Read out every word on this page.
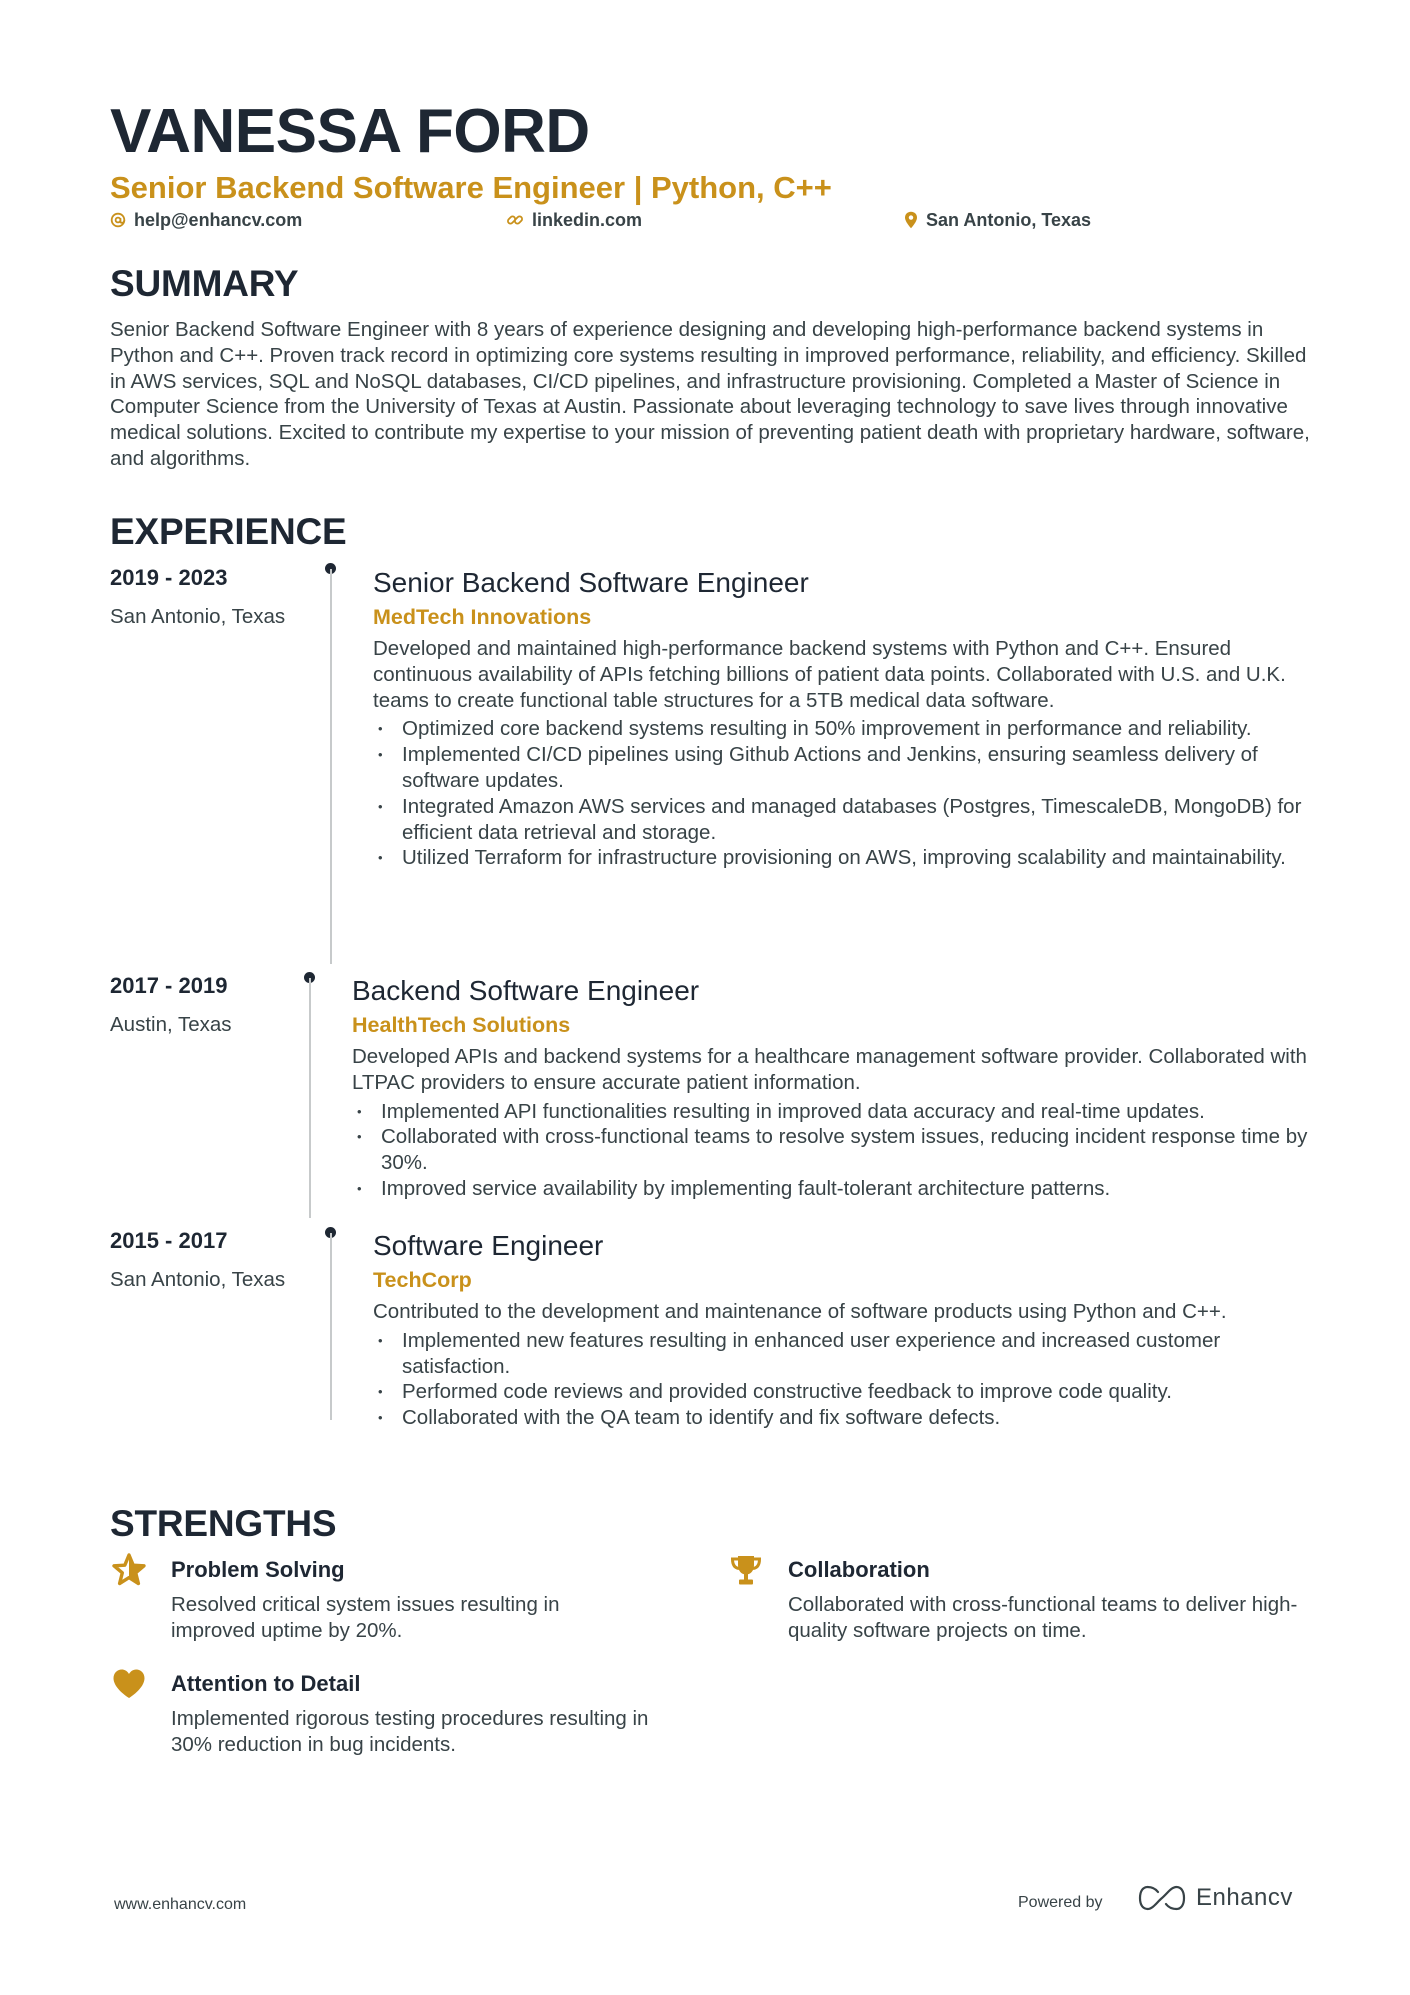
VANESSA FORD
Senior Backend Software Engineer | Python, C++
help@enhancv.com	linkedin.com	San Antonio, Texas
SUMMARY
Senior Backend Software Engineer with 8 years of experience designing and developing high-performance backend systems in Python and C++. Proven track record in optimizing core systems resulting in improved performance, reliability, and efficiency. Skilled in AWS services, SQL and NoSQL databases, CI/CD pipelines, and infrastructure provisioning. Completed a Master of Science in Computer Science from the University of Texas at Austin. Passionate about leveraging technology to save lives through innovative medical solutions. Excited to contribute my expertise to your mission of preventing patient death with proprietary hardware, software, and algorithms.
EXPERIENCE
2019 - 2023
San Antonio, Texas
Senior Backend Software Engineer
MedTech Innovations
Developed and maintained high-performance backend systems with Python and C++. Ensured continuous availability of APIs fetching billions of patient data points. Collaborated with U.S. and U.K. teams to create functional table structures for a 5TB medical data software.
• Optimized core backend systems resulting in 50% improvement in performance and reliability.
• Implemented CI/CD pipelines using Github Actions and Jenkins, ensuring seamless delivery of software updates.
• Integrated Amazon AWS services and managed databases (Postgres, TimescaleDB, MongoDB) for efficient data retrieval and storage.
• Utilized Terraform for infrastructure provisioning on AWS, improving scalability and maintainability.
2017 - 2019
Austin, Texas
Backend Software Engineer
HealthTech Solutions
Developed APIs and backend systems for a healthcare management software provider. Collaborated with LTPAC providers to ensure accurate patient information.
• Implemented API functionalities resulting in improved data accuracy and real-time updates.
• Collaborated with cross-functional teams to resolve system issues, reducing incident response time by 30%.
• Improved service availability by implementing fault-tolerant architecture patterns.
2015 - 2017
San Antonio, Texas
Software Engineer
TechCorp
Contributed to the development and maintenance of software products using Python and C++.
• Implemented new features resulting in enhanced user experience and increased customer satisfaction.
• Performed code reviews and provided constructive feedback to improve code quality.
• Collaborated with the QA team to identify and fix software defects.
STRENGTHS
Problem Solving
Resolved critical system issues resulting in improved uptime by 20%.
Collaboration
Collaborated with cross-functional teams to deliver high-quality software projects on time.
Attention to Detail
Implemented rigorous testing procedures resulting in 30% reduction in bug incidents.
www.enhancv.com	Powered by	Enhancv
